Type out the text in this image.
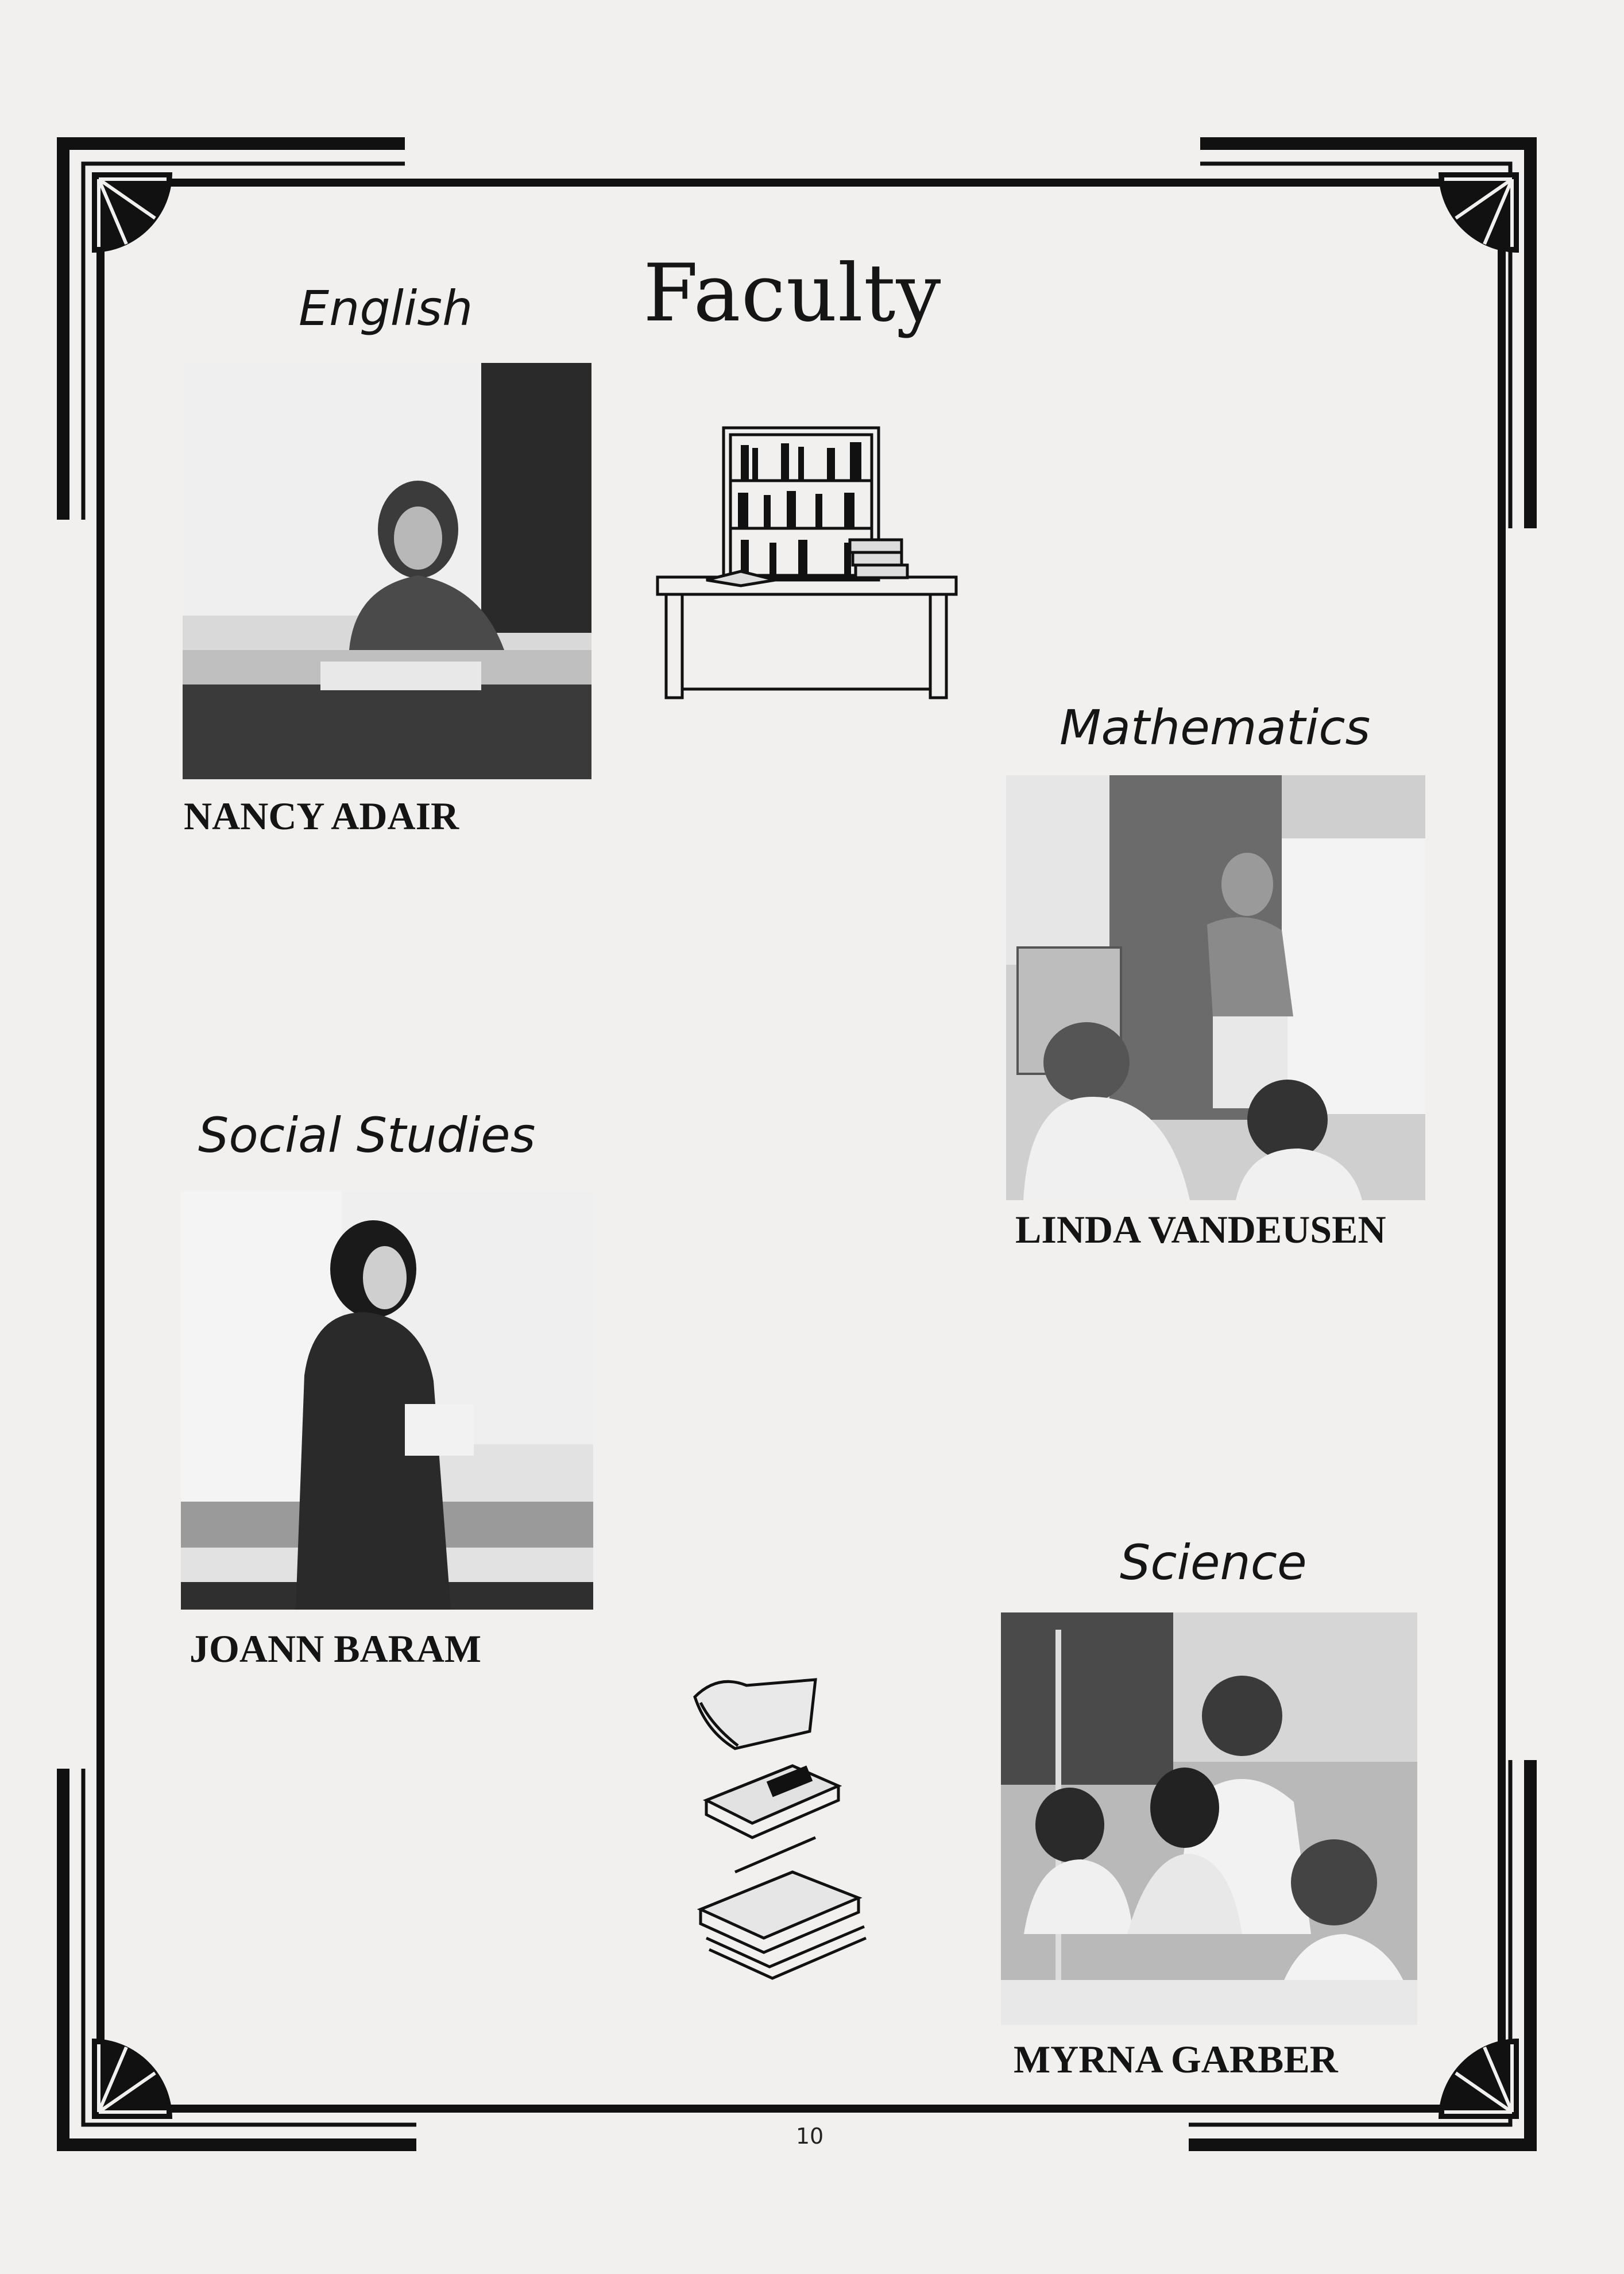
Faculty
English
NANCY ADAIR
Mathematics
LINDA VANDEUSEN
Social Studies
JOANN BARAM
Science
MYRNA GARBER
10
